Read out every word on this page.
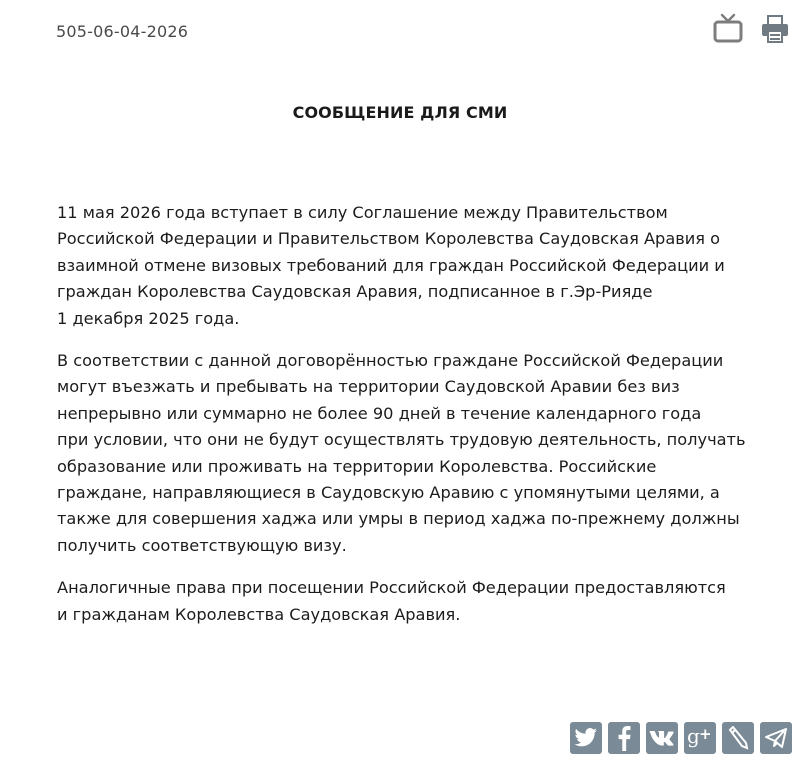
505-06-04-2026
СООБЩЕНИЕ ДЛЯ СМИ

11 мая 2026 года вступает в силу Соглашение между Правительством
Российской Федерации и Правительством Королевства Саудовская Аравия о
взаимной отмене визовых требований для граждан Российской Федерации и
граждан Королевства Саудовская Аравия, подписанное в г.Эр-Рияде
1 декабря 2025 года.

В соответствии с данной договорённостью граждане Российской Федерации
могут въезжать и пребывать на территории Саудовской Аравии без виз
непрерывно или суммарно не более 90 дней в течение календарного года
при условии, что они не будут осуществлять трудовую деятельность, получать
образование или проживать на территории Королевства. Российские
граждане, направляющиеся в Саудовскую Аравию с упомянутыми целями, а
также для совершения хаджа или умры в период хаджа по-прежнему должны
получить соответствующую визу.

Аналогичные права при посещении Российской Федерации предоставляются
и гражданам Королевства Саудовская Аравия.

g +
